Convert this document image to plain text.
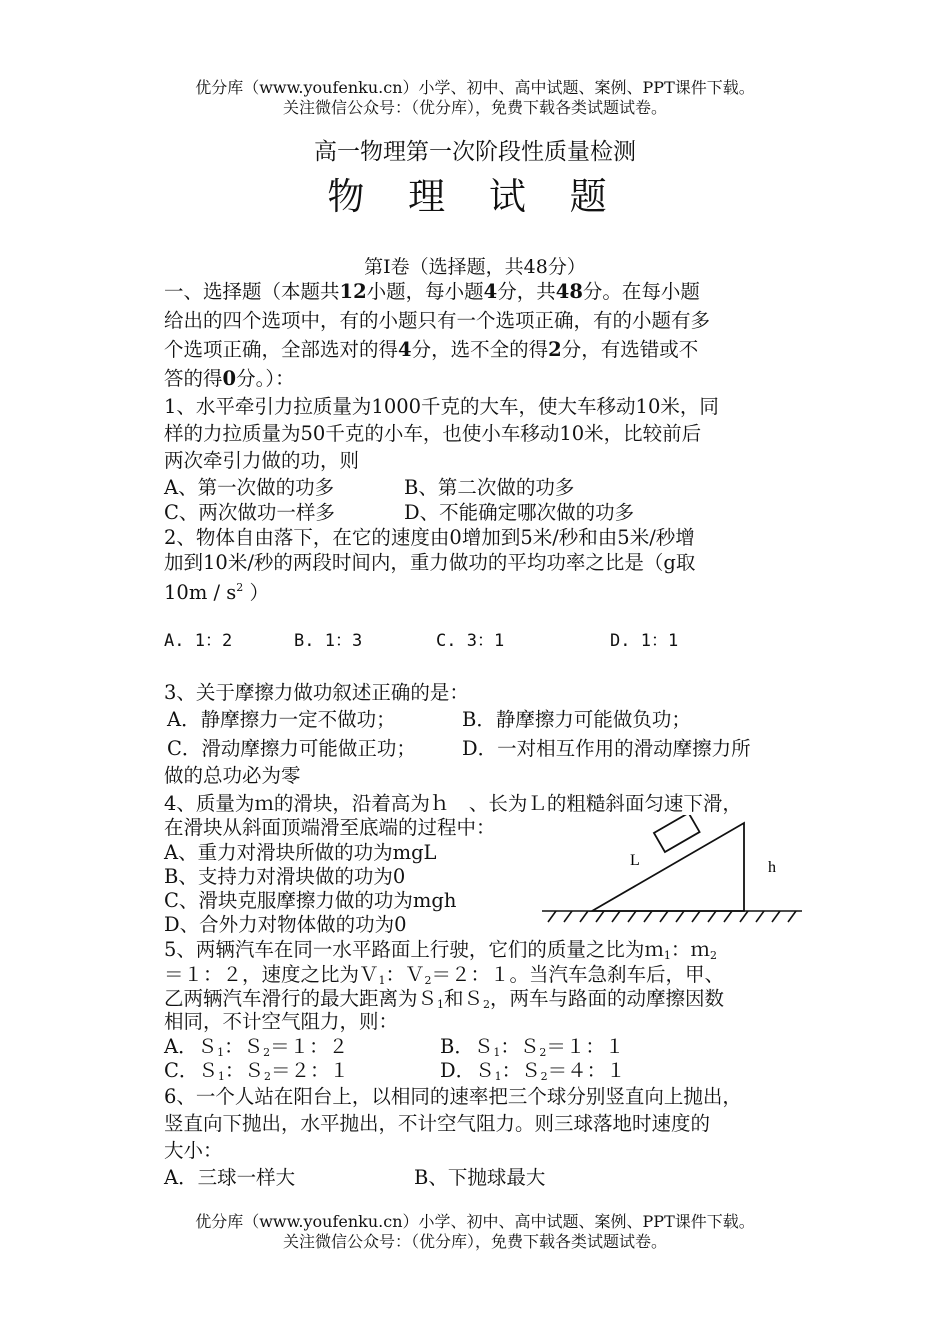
优分库（www.youfenku.cn）小学、初中、高中试题、案例、PPT课件下载。
关注微信公众号：（优分库），免费下载各类试题试卷。
高一物理第一次阶段性质量检测
物 理 试 题
第Ⅰ卷（选择题，共48分）
一、选择题（本题共12小题，每小题4分，共48分。在每小题
给出的四个选项中，有的小题只有一个选项正确，有的小题有多
个选项正确，全部选对的得4分，选不全的得2分，有选错或不
答的得0分。）：
1、水平牵引力拉质量为1000千克的大车，使大车移动10米，同
样的力拉质量为50千克的小车，也使小车移动10米，比较前后
两次牵引力做的功，则
A、第一次做的功多	B、第二次做的功多
C、两次做功一样多	D、不能确定哪次做的功多
2、物体自由落下，在它的速度由0增加到5米/秒和由5米/秒增
加到10米/秒的两段时间内，重力做功的平均功率之比是（g取
$10m / s^2$ ）
A. 1：2	B. 1：3	C. 3：1	D. 1：1
3、关于摩擦力做功叙述正确的是：
A．静摩擦力一定不做功；	B．静摩擦力可能做负功；
C．滑动摩擦力可能做正功； D．一对相互作用的滑动摩擦力所
做的总功必为零
4、质量为ｍ的滑块，沿着高为ｈ　、长为Ｌ的粗糙斜面匀速下滑，
在滑块从斜面顶端滑至底端的过程中：
A、重力对滑块所做的功为mgL
B、支持力对滑块做的功为0
C、滑块克服摩擦力做的功为mgh
D、合外力对物体做的功为0
L	h
5、两辆汽车在同一水平路面上行驶，它们的质量之比为ｍ$_1$：ｍ$_2$
＝１：２，速度之比为Ｖ$_1$：Ｖ$_2$＝２：１。当汽车急刹车后，甲、
乙两辆汽车滑行的最大距离为Ｓ$_1$和Ｓ$_2$，两车与路面的动摩擦因数
相同，不计空气阻力，则：
A．Ｓ$_1$：Ｓ$_2$＝１：２	B．Ｓ$_1$：Ｓ$_2$＝１：１
C．Ｓ$_1$：Ｓ$_2$＝２：１	D．Ｓ$_1$：Ｓ$_2$＝４：１
6、一个人站在阳台上，以相同的速率把三个球分别竖直向上抛出，
竖直向下抛出，水平抛出，不计空气阻力。则三球落地时速度的
大小：
A．三球一样大	B、下抛球最大
优分库（www.youfenku.cn）小学、初中、高中试题、案例、PPT课件下载。
关注微信公众号：（优分库），免费下载各类试题试卷。
